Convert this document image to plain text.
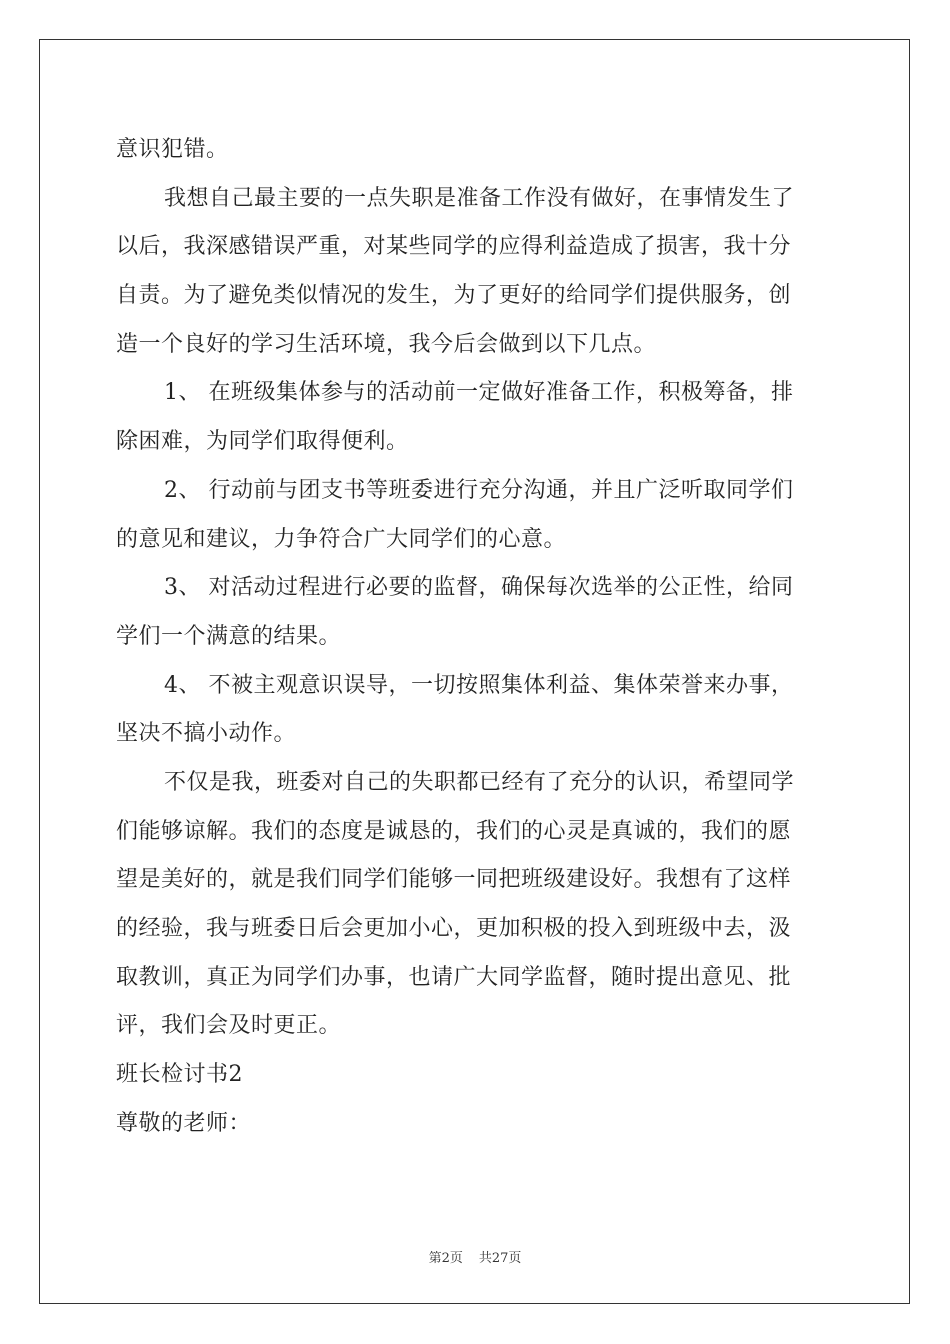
意识犯错。
我想自己最主要的一点失职是准备工作没有做好，在事情发生了
以后，我深感错误严重，对某些同学的应得利益造成了损害，我十分
自责。为了避免类似情况的发生，为了更好的给同学们提供服务，创
造一个良好的学习生活环境，我今后会做到以下几点。
1、 在班级集体参与的活动前一定做好准备工作，积极筹备，排
除困难，为同学们取得便利。
2、 行动前与团支书等班委进行充分沟通，并且广泛听取同学们
的意见和建议，力争符合广大同学们的心意。
3、 对活动过程进行必要的监督，确保每次选举的公正性，给同
学们一个满意的结果。
4、 不被主观意识误导，一切按照集体利益、集体荣誉来办事，
坚决不搞小动作。
不仅是我，班委对自己的失职都已经有了充分的认识，希望同学
们能够谅解。我们的态度是诚恳的，我们的心灵是真诚的，我们的愿
望是美好的，就是我们同学们能够一同把班级建设好。我想有了这样
的经验，我与班委日后会更加小心，更加积极的投入到班级中去，汲
取教训，真正为同学们办事，也请广大同学监督，随时提出意见、批
评，我们会及时更正。
班长检讨书2
尊敬的老师：
第2页 共27页
